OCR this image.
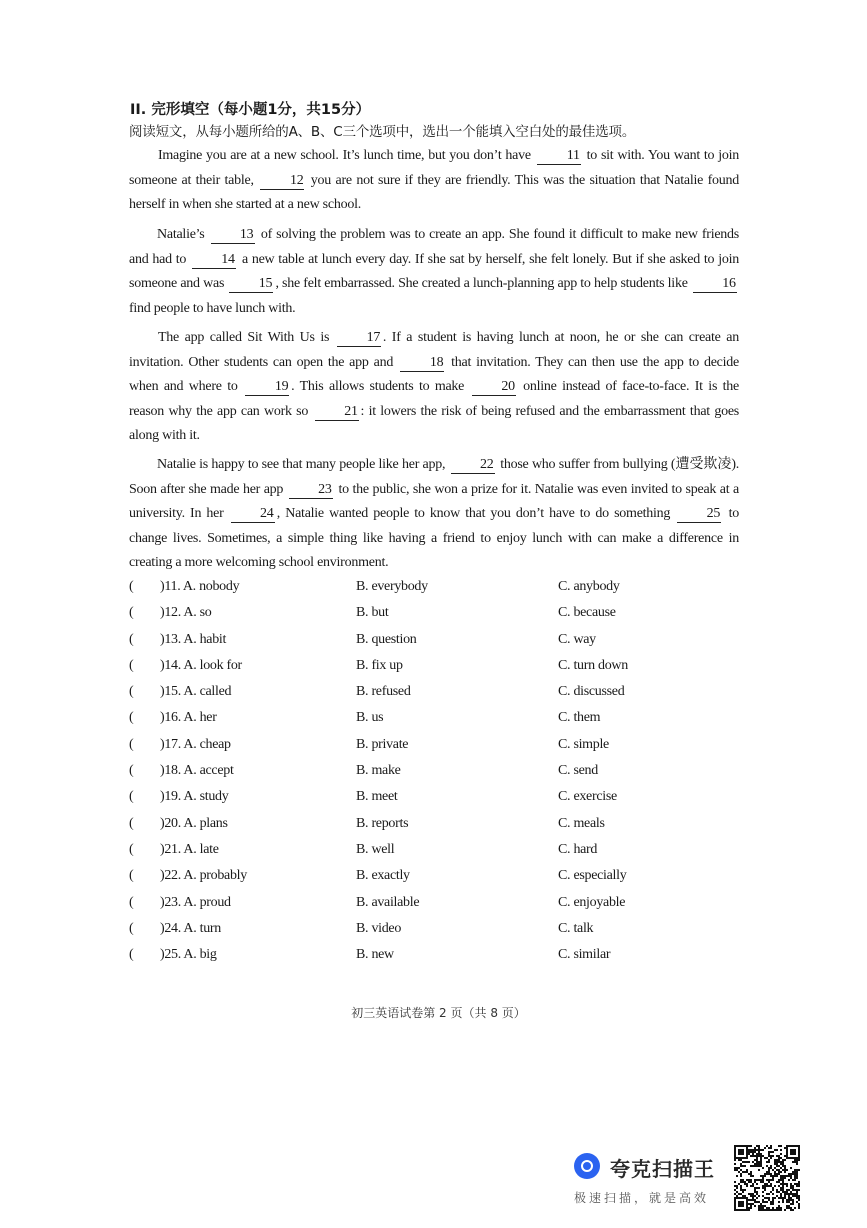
II. 完形填空（每小题1分，共15分）
阅读短文，从每小题所给的A、B、C三个选项中，选出一个能填入空白处的最佳选项。
Imagine you are at a new school. It’s lunch time, but you don’t have 11 to sit with. You want to join someone at their table, 12 you are not sure if they are friendly. This was the situation that Natalie found herself in when she started at a new school.
Natalie’s 13 of solving the problem was to create an app. She found it difficult to make new friends and had to 14 a new table at lunch every day. If she sat by herself, she felt lonely. But if she asked to join someone and was 15 , she felt embarrassed. She created a lunch-planning app to help students like 16 find people to have lunch with.
The app called Sit With Us is 17 . If a student is having lunch at noon, he or she can create an invitation. Other students can open the app and 18 that invitation. They can then use the app to decide when and where to 19 . This allows students to make 20 online instead of face-to-face. It is the reason why the app can work so 21 : it lowers the risk of being refused and the embarrassment that goes along with it.
Natalie is happy to see that many people like her app, 22 those who suffer from bullying (遭受欺凌). Soon after she made her app 23 to the public, she won a prize for it. Natalie was even invited to speak at a university. In her 24 , Natalie wanted people to know that you don’t have to do something 25 to change lives. Sometimes, a simple thing like having a friend to enjoy lunch with can make a difference in creating a more welcoming school environment.
( )11. A. nobody	B. everybody	C. anybody
( )12. A. so	B. but	C. because
( )13. A. habit	B. question	C. way
( )14. A. look for	B. fix up	C. turn down
( )15. A. called	B. refused	C. discussed
( )16. A. her	B. us	C. them
( )17. A. cheap	B. private	C. simple
( )18. A. accept	B. make	C. send
( )19. A. study	B. meet	C. exercise
( )20. A. plans	B. reports	C. meals
( )21. A. late	B. well	C. hard
( )22. A. probably	B. exactly	C. especially
( )23. A. proud	B. available	C. enjoyable
( )24. A. turn	B. video	C. talk
( )25. A. big	B. new	C. similar
初三英语试卷第 2 页（共 8 页）
夸克扫描王
极速扫描，就是高效
